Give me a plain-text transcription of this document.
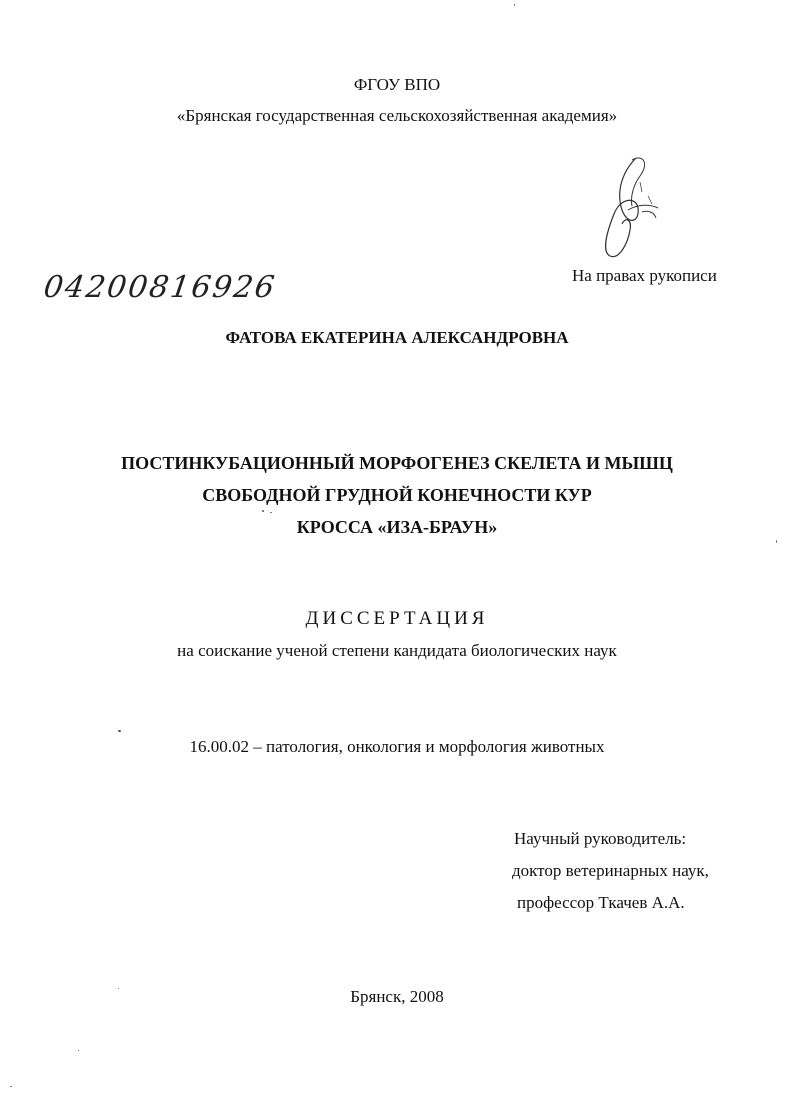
ФГОУ ВПО
«Брянская государственная сельскохозяйственная академия»
04200816926	На правах рукописи
ФАТОВА ЕКАТЕРИНА АЛЕКСАНДРОВНА
ПОСТИНКУБАЦИОННЫЙ МОРФОГЕНЕЗ СКЕЛЕТА И МЫШЦ
СВОБОДНОЙ ГРУДНОЙ КОНЕЧНОСТИ КУР
КРОССА «ИЗА-БРАУН»
ДИССЕРТАЦИЯ
на соискание ученой степени кандидата биологических наук
16.00.02 – патология, онкология и морфология животных
Научный руководитель:
доктор ветеринарных наук,
профессор Ткачев А.А.
Брянск, 2008
